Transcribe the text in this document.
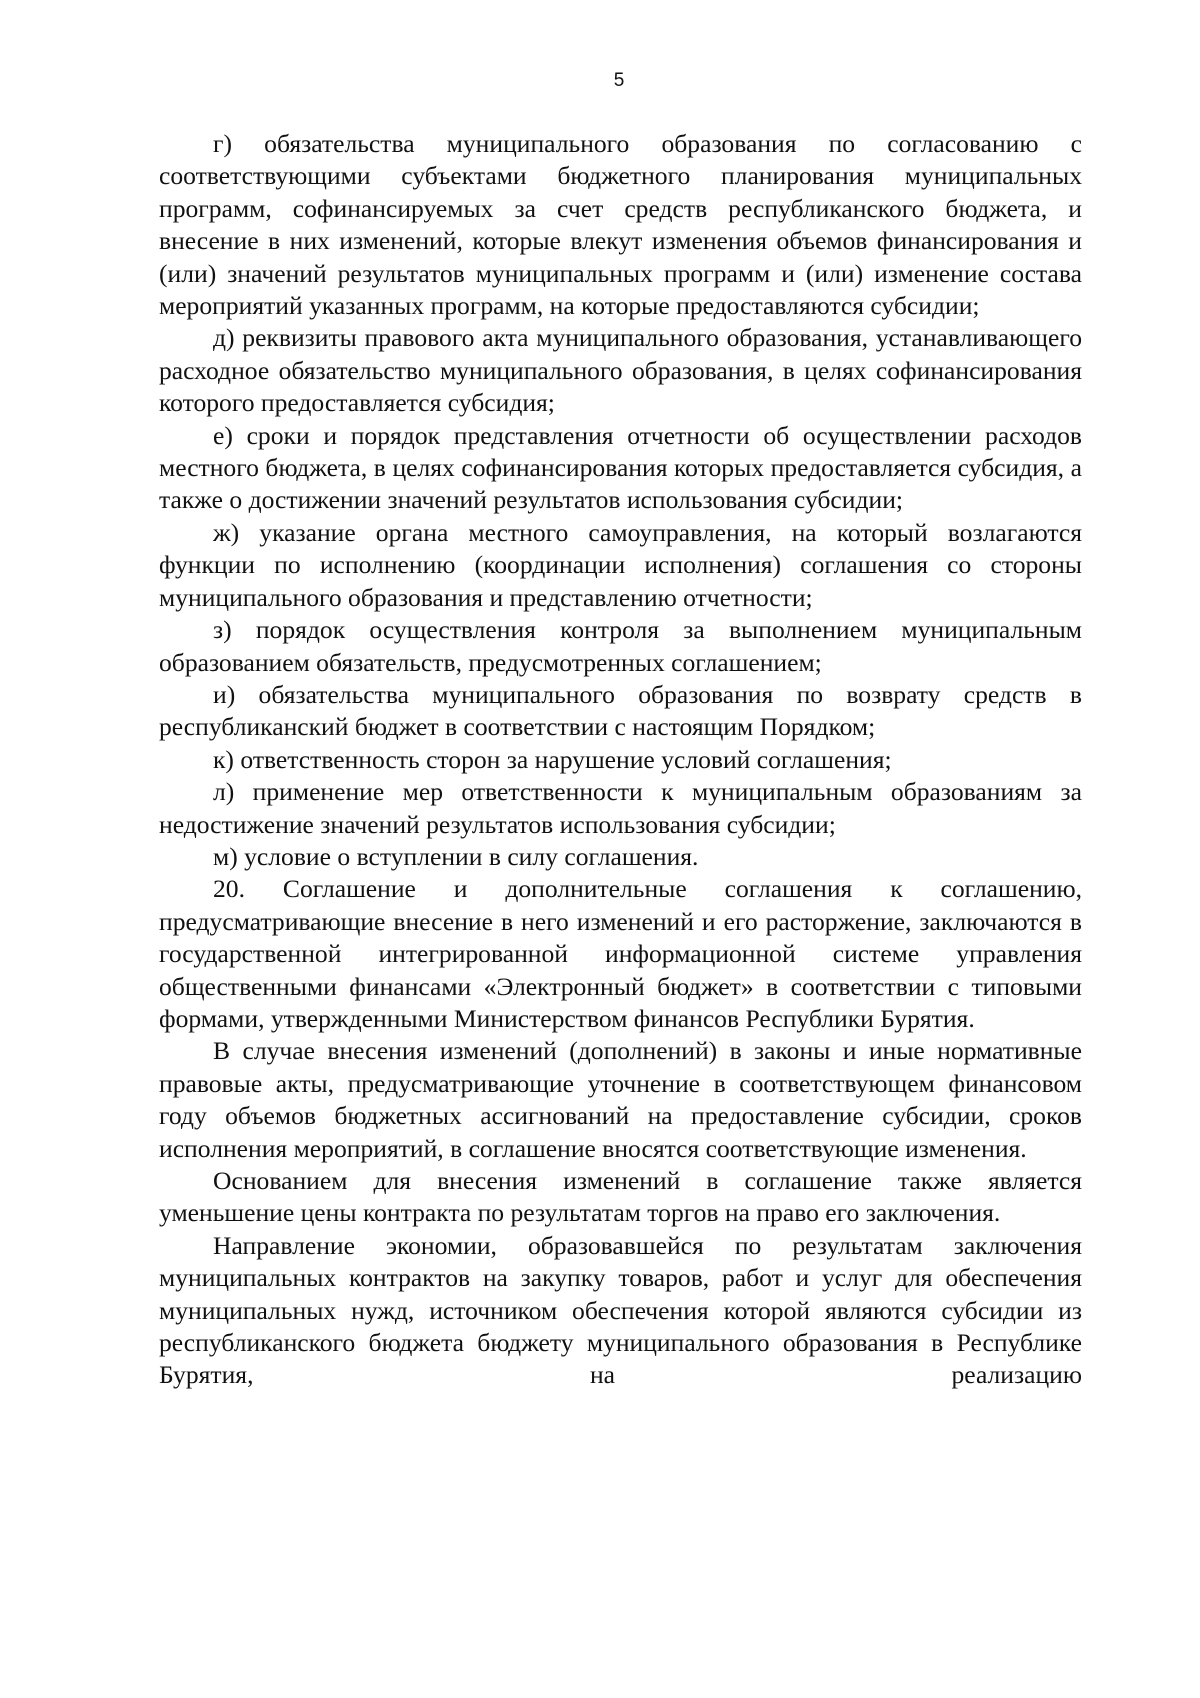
5

г) обязательства муниципального образования по согласованию с соответствующими субъектами бюджетного планирования муниципальных программ, софинансируемых за счет средств республиканского бюджета, и внесение в них изменений, которые влекут изменения объемов финансирования и (или) значений результатов муниципальных программ и (или) изменение состава мероприятий указанных программ, на которые предоставляются субсидии;

д) реквизиты правового акта муниципального образования, устанавливающего расходное обязательство муниципального образования, в целях софинансирования которого предоставляется субсидия;

е) сроки и порядок представления отчетности об осуществлении расходов местного бюджета, в целях софинансирования которых предоставляется субсидия, а также о достижении значений результатов использования субсидии;

ж) указание органа местного самоуправления, на который возлагаются функции по исполнению (координации исполнения) соглашения со стороны муниципального образования и представлению отчетности;

з) порядок осуществления контроля за выполнением муниципальным образованием обязательств, предусмотренных соглашением;

и) обязательства муниципального образования по возврату средств в республиканский бюджет в соответствии с настоящим Порядком;

к) ответственность сторон за нарушение условий соглашения;

л) применение мер ответственности к муниципальным образованиям за недостижение значений результатов использования субсидии;

м) условие о вступлении в силу соглашения.

20. Соглашение и дополнительные соглашения к соглашению, предусматривающие внесение в него изменений и его расторжение, заключаются в государственной интегрированной информационной системе управления общественными финансами «Электронный бюджет» в соответствии с типовыми формами, утвержденными Министерством финансов Республики Бурятия.

В случае внесения изменений (дополнений) в законы и иные нормативные правовые акты, предусматривающие уточнение в соответствующем финансовом году объемов бюджетных ассигнований на предоставление субсидии, сроков исполнения мероприятий, в соглашение вносятся соответствующие изменения.

Основанием для внесения изменений в соглашение также является уменьшение цены контракта по результатам торгов на право его заключения.

Направление экономии, образовавшейся по результатам заключения муниципальных контрактов на закупку товаров, работ и услуг для обеспечения муниципальных нужд, источником обеспечения которой являются субсидии из республиканского бюджета бюджету муниципального образования в Республике Бурятия, на реализацию
